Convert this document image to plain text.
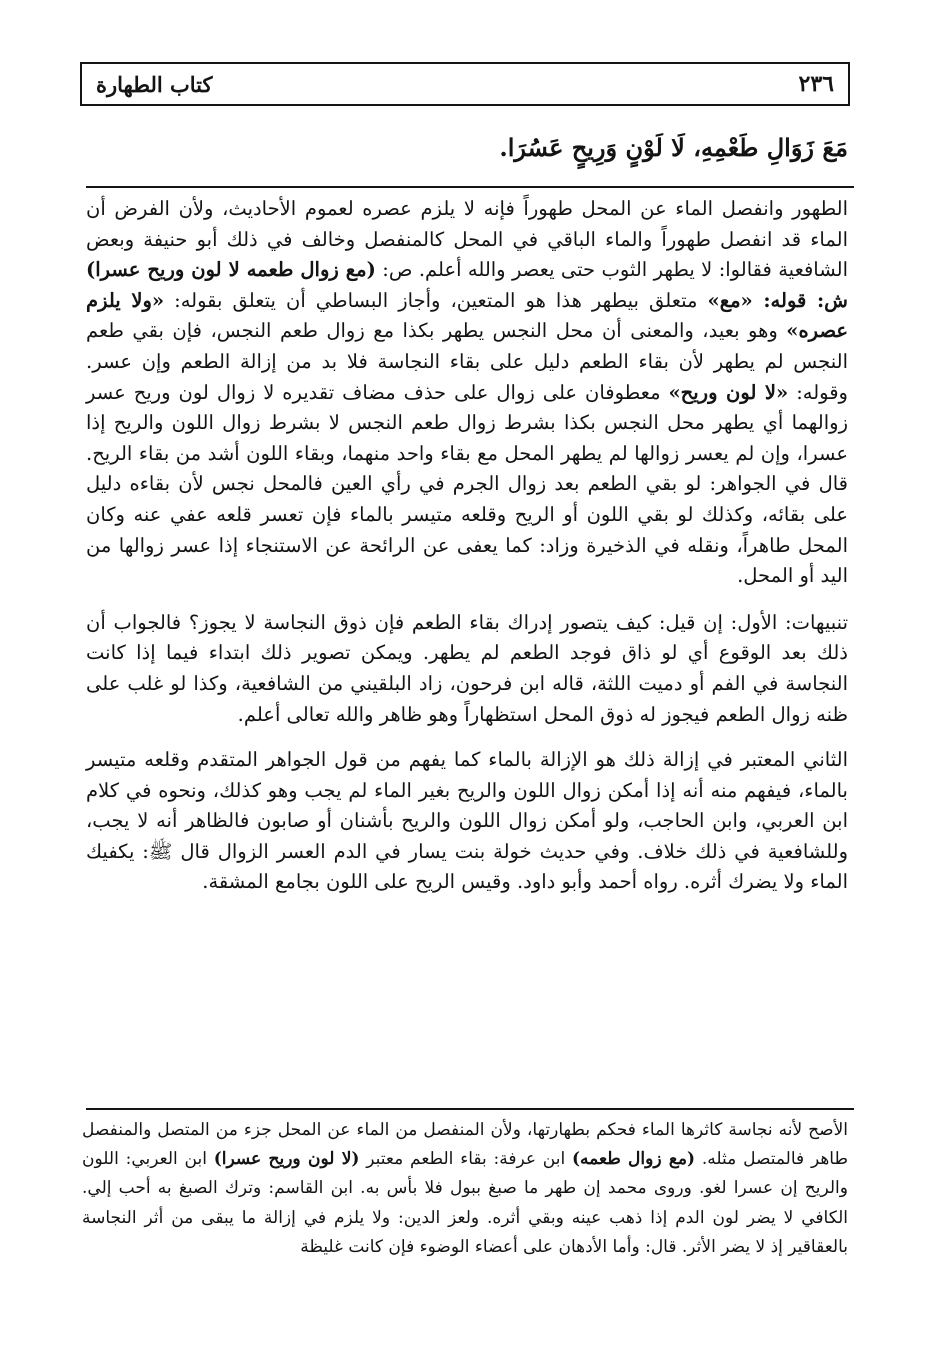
٢٣٦
كتاب الطهارة
مَعَ زَوَالِ طَعْمِهِ، لَا لَوْنٍ وَرِيحٍ عَسُرَا.

الطهور وانفصل الماء عن المحل طهوراً فإنه لا يلزم عصره لعموم الأحاديث، ولأن الفرض أن الماء قد انفصل طهوراً والماء الباقي في المحل كالمنفصل وخالف في ذلك أبو حنيفة وبعض الشافعية فقالوا: لا يطهر الثوب حتى يعصر والله أعلم. ص: (مع زوال طعمه لا لون وريح عسرا) ش: قوله: «مع» متعلق بيطهر هذا هو المتعين، وأجاز البساطي أن يتعلق بقوله: «ولا يلزم عصره» وهو بعيد، والمعنى أن محل النجس يطهر بكذا مع زوال طعم النجس، فإن بقي طعم النجس لم يطهر لأن بقاء الطعم دليل على بقاء النجاسة فلا بد من إزالة الطعم وإن عسر. وقوله: «لا لون وريح» معطوفان على زوال على حذف مضاف تقديره لا زوال لون وريح عسر زوالهما أي يطهر محل النجس بكذا بشرط زوال طعم النجس لا بشرط زوال اللون والريح إذا عسرا، وإن لم يعسر زوالها لم يطهر المحل مع بقاء واحد منهما، وبقاء اللون أشد من بقاء الريح. قال في الجواهر: لو بقي الطعم بعد زوال الجرم في رأي العين فالمحل نجس لأن بقاءه دليل على بقائه، وكذلك لو بقي اللون أو الريح وقلعه متيسر بالماء فإن تعسر قلعه عفي عنه وكان المحل طاهراً، ونقله في الذخيرة وزاد: كما يعفى عن الرائحة عن الاستنجاء إذا عسر زوالها من اليد أو المحل.

تنبيهات: الأول: إن قيل: كيف يتصور إدراك بقاء الطعم فإن ذوق النجاسة لا يجوز؟ فالجواب أن ذلك بعد الوقوع أي لو ذاق فوجد الطعم لم يطهر. ويمكن تصوير ذلك ابتداء فيما إذا كانت النجاسة في الفم أو دميت اللثة، قاله ابن فرحون، زاد البلقيني من الشافعية، وكذا لو غلب على ظنه زوال الطعم فيجوز له ذوق المحل استظهاراً وهو ظاهر والله تعالى أعلم.

الثاني المعتبر في إزالة ذلك هو الإزالة بالماء كما يفهم من قول الجواهر المتقدم وقلعه متيسر بالماء، فيفهم منه أنه إذا أمكن زوال اللون والريح بغير الماء لم يجب وهو كذلك، ونحوه في كلام ابن العربي، وابن الحاجب، ولو أمكن زوال اللون والريح بأشنان أو صابون فالظاهر أنه لا يجب، وللشافعية في ذلك خلاف. وفي حديث خولة بنت يسار في الدم العسر الزوال قال ﷺ: يكفيك الماء ولا يضرك أثره. رواه أحمد وأبو داود. وقيس الريح على اللون بجامع المشقة.

الأصح لأنه نجاسة كاثرها الماء فحكم بطهارتها، ولأن المنفصل من الماء عن المحل جزء من المتصل والمنفصل طاهر فالمتصل مثله. (مع زوال طعمه) ابن عرفة: بقاء الطعم معتبر (لا لون وريح عسرا) ابن العربي: اللون والريح إن عسرا لغو. وروى محمد إن طهر ما صبغ ببول فلا بأس به. ابن القاسم: وترك الصبغ به أحب إلي. الكافي لا يضر لون الدم إذا ذهب عينه وبقي أثره. ولعز الدين: ولا يلزم في إزالة ما يبقى من أثر النجاسة بالعقاقير إذ لا يضر الأثر. قال: وأما الأدهان على أعضاء الوضوء فإن كانت غليظة
